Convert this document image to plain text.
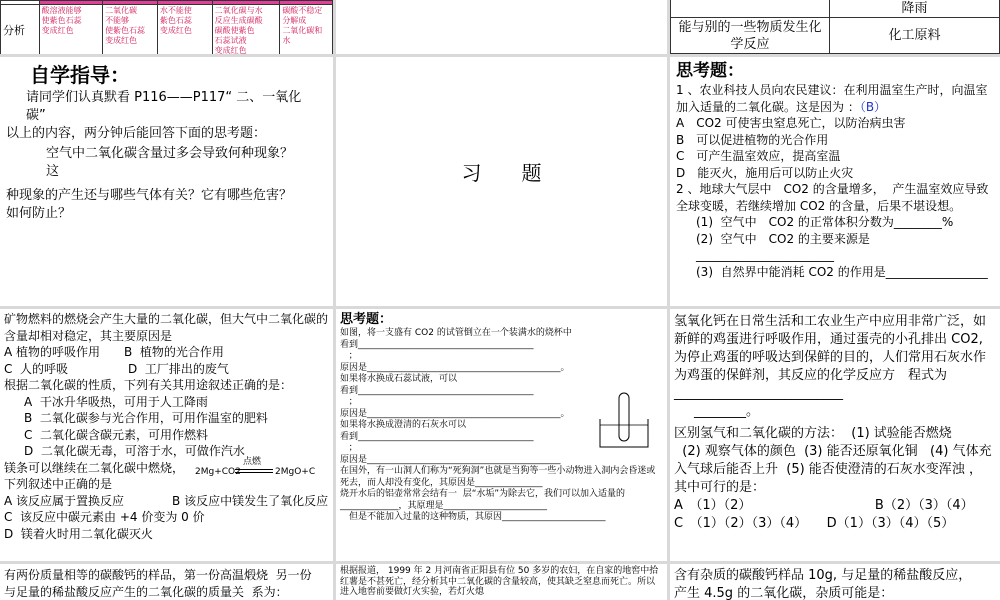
分析	酸溶液能够
使紫色石蕊
变成红色	二氧化碳
不能够
使紫色石蕊
变成红色	水不能使
紫色石蕊
变成红色	二氧化碳与水
反应生成碳酸
碳酸使紫色
石蕊试液
变成红色	碳酸不稳定
分解成
二氧化碳和
水
	降雨
能与别的一些物质发生化学反应	化工原料
自学指导：
请同学们认真默看 P116——P117“ 二、一氧化
碳”
以上的内容，两分钟后能回答下面的思考题：
空气中二氧化碳含量过多会导致何种现象？
这
种现象的产生还与哪些气体有关？它有哪些危害？
如何防止？
习　　题
思考题：
1 、农业科技人员向农民建议：在利用温室生产时，向温室加入适量的二氧化碳。这是因为 ：（B）
A　CO2 可使害虫窒息死亡，以防治病虫害
B　可以促进植物的光合作用
C　可产生温室效应，提高室温
D　能灭火，施用后可以防止火灾
2 、地球大气层中　CO2 的含量增多，  产生温室效应导致全球变暖，若继续增加 CO2 的含量，后果不堪设想。
(1)  空气中　CO2 的正常体积分数为________%
(2)  空气中　CO2 的主要来源是_______________________
(3)  自然界中能消耗 CO2 的作用是_________________
矿物燃料的燃烧会产生大量的二氧化碳，但大气中二氧化碳的含量却相对稳定，其主要原因是
A 植物的呼吸作用　　B  植物的光合作用
C  人的呼吸　　　　　D  工厂排出的废气
根据二氧化碳的性质，下列有关其用途叙述正确的是：
A  干冰升华吸热，可用于人工降雨
B  二氧化碳参与光合作用，可用作温室的肥料
C  二氧化碳含碳元素，可用作燃料
D  二氧化碳无毒，可溶于水，可做作汽水
镁条可以继续在二氧化碳中燃烧，
下列叙述中正确的是
A 该反应属于置换反应　　　　B 该反应中镁发生了氧化反应
C  该反应中碳元素由 +4 价变为 0 价
D  镁着火时用二氧化碳灭火
2Mg+CO2
点燃
2MgO+C
思考题：
如图，将一支盛有 CO2 的试管倒立在一个装满水的烧杯中
看到_______________________________________
；
原因是___________________________________________。
如果将水换成石蕊试液，可以
看到_______________________________________
；
原因是___________________________________________。
如果将水换成澄清的石灰水可以
看到_______________________________________
；
原因是___________________________________________
在国外，有一山洞人们称为“死狗洞”也就是当狗等一些小动物进入洞内会昏迷或死去，而人却没有变化，其原因是_______________
烧开水后的铝壶常常会结有一  层“水垢”为除去它，我们可以加入适量的_____________，其原理是_______________________
　但是不能加入过量的这种物质，其原因_______________________
氢氧化钙在日常生活和工农业生产中应用非常广泛，如新鲜的鸡蛋进行呼吸作用，通过蛋壳的小孔排出 CO2, 为停止鸡蛋的呼吸达到保鲜的目的，人们常用石灰水作为鸡蛋的保鲜剂，其反应的化学反应方　程式为__________________________
________。
区别氢气和二氧化碳的方法：  (1) 试验能否燃烧
(2) 观察气体的颜色  (3) 能否还原氧化铜   (4) 气体充入气球后能否上升  (5) 能否使澄清的石灰水变浑浊 ，
其中可行的是：
A　（1）（2）　　　　　　　　　　B（2）（3）（4）
C　（1）（2）（3）（4）　　D（1）（3）（4）（5）
有两份质量相等的碳酸钙的样品，第一份高温煅烧  另一份
与足量的稀盐酸反应产生的二氧化碳的质量关  系为：
根据报道， 1999 年 2 月河南省正阳县有位 50 多岁的农妇，在自家的地窖中拾红薯是不甚死亡，经分析其中二氧化碳的含量较高，使其缺乏窒息而死亡。所以进入地窖前要做灯火实验，若灯火熄
含有杂质的碳酸钙样品 10g, 与足量的稀盐酸反应，
产生 4.5g 的二氧化碳，杂质可能是：
